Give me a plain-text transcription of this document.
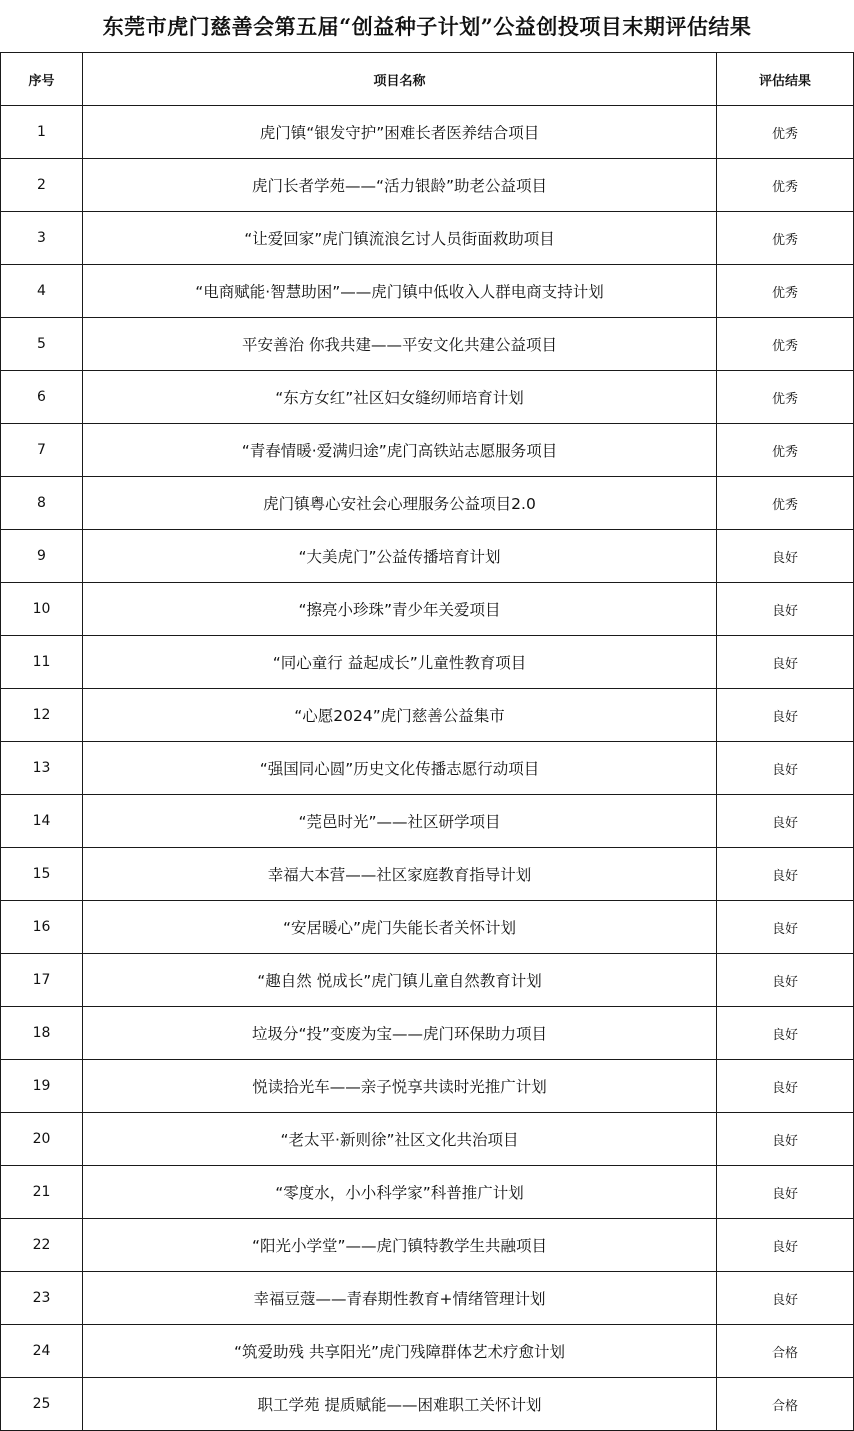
东莞市虎门慈善会第五届“创益种子计划”公益创投项目末期评估结果
序号	项目名称	评估结果
1	虎门镇“银发守护”困难长者医养结合项目	优秀
2	虎门长者学苑——“活力银龄”助老公益项目	优秀
3	“让爱回家”虎门镇流浪乞讨人员街面救助项目	优秀
4	“电商赋能·智慧助困”——虎门镇中低收入人群电商支持计划	优秀
5	平安善治 你我共建——平安文化共建公益项目	优秀
6	“东方女红”社区妇女缝纫师培育计划	优秀
7	“青春情暖·爱满归途”虎门高铁站志愿服务项目	优秀
8	虎门镇粤心安社会心理服务公益项目2.0	优秀
9	“大美虎门”公益传播培育计划	良好
10	“擦亮小珍珠”青少年关爱项目	良好
11	“同心童行 益起成长”儿童性教育项目	良好
12	“心愿2024”虎门慈善公益集市	良好
13	“强国同心圆”历史文化传播志愿行动项目	良好
14	“莞邑时光”——社区研学项目	良好
15	幸福大本营——社区家庭教育指导计划	良好
16	“安居暖心”虎门失能长者关怀计划	良好
17	“趣自然 悦成长”虎门镇儿童自然教育计划	良好
18	垃圾分“投”变废为宝——虎门环保助力项目	良好
19	悦读拾光车——亲子悦享共读时光推广计划	良好
20	“老太平·新则徐”社区文化共治项目	良好
21	“零度水，小小科学家”科普推广计划	良好
22	“阳光小学堂”——虎门镇特教学生共融项目	良好
23	幸福豆蔻——青春期性教育+情绪管理计划	良好
24	“筑爱助残 共享阳光”虎门残障群体艺术疗愈计划	合格
25	职工学苑 提质赋能——困难职工关怀计划	合格
